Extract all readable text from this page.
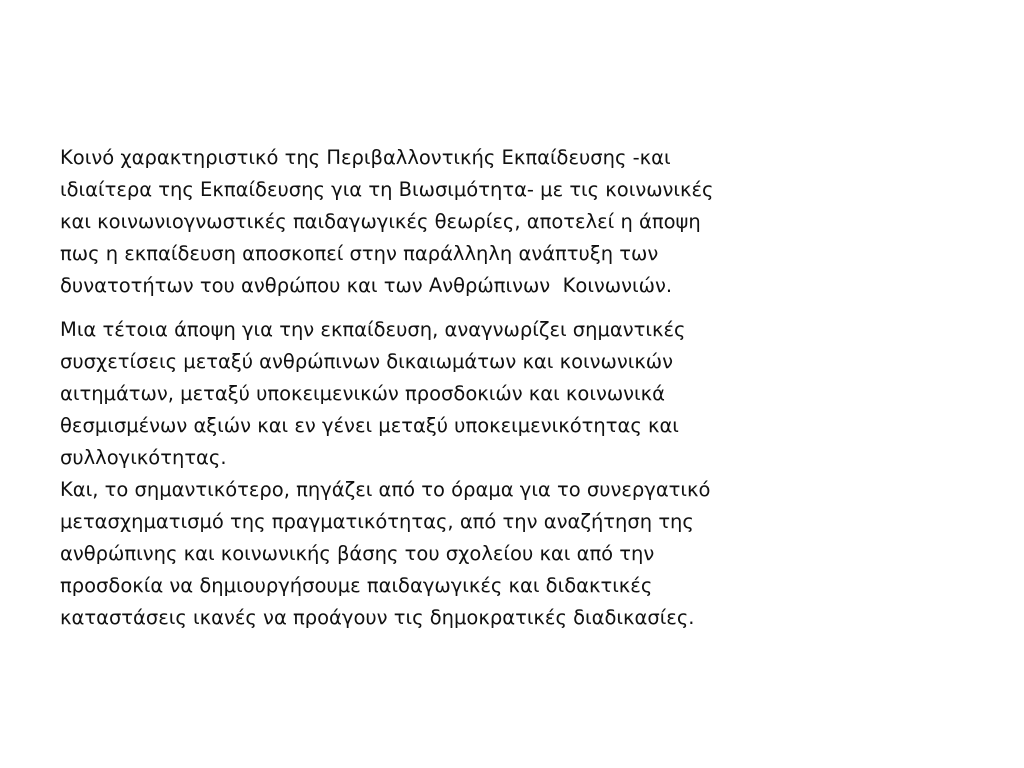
Κοινό χαρακτηριστικό της Περιβαλλοντικής Εκπαίδευσης -και
ιδιαίτερα της Εκπαίδευσης για τη Βιωσιμότητα- με τις κοινωνικές
και κοινωνιογνωστικές παιδαγωγικές θεωρίες, αποτελεί η άποψη
πως η εκπαίδευση αποσκοπεί στην παράλληλη ανάπτυξη των
δυνατοτήτων του ανθρώπου και των Ανθρώπινων  Κοινωνιών.

Μια τέτοια άποψη για την εκπαίδευση, αναγνωρίζει σημαντικές
συσχετίσεις μεταξύ ανθρώπινων δικαιωμάτων και κοινωνικών
αιτημάτων, μεταξύ υποκειμενικών προσδοκιών και κοινωνικά
θεσμισμένων αξιών και εν γένει μεταξύ υποκειμενικότητας και
συλλογικότητας.
Και, το σημαντικότερο, πηγάζει από το όραμα για το συνεργατικό
μετασχηματισμό της πραγματικότητας, από την αναζήτηση της
ανθρώπινης και κοινωνικής βάσης του σχολείου και από την
προσδοκία να δημιουργήσουμε παιδαγωγικές και διδακτικές
καταστάσεις ικανές να προάγουν τις δημοκρατικές διαδικασίες.
